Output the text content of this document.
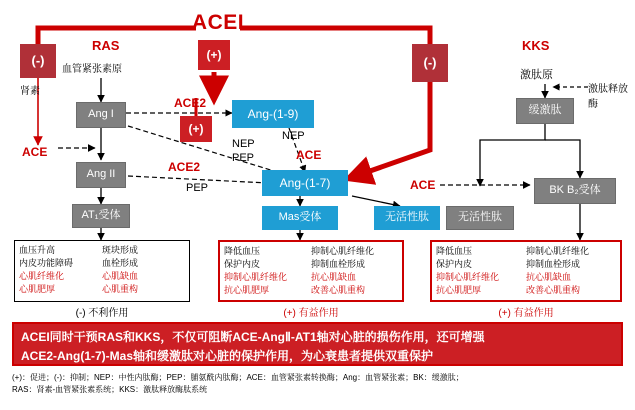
ACEI
RAS	KKS
(-)	(-)
(+)
(+)
血管紧张素原
肾素
ACE
Ang I
Ang II
AT₁受体
ACE2
ACE2
PEP
NEP
NEP
PEP	ACE
Ang-(1-9)
Ang-(1-7)
Mas受体	无活性肽
ACE
激肽原
激肽释放酶
缓激肽
BK B₂受体
无活性肽
血压升高	斑块形成
内皮功能障碍	血栓形成
心肌纤维化	心肌缺血
心肌肥厚	心肌重构
(-) 不利作用
降低血压	抑制心肌纤维化
保护内皮	抑制血栓形成
抑制心肌纤维化	抗心肌缺血
抗心肌肥厚	改善心肌重构
(+) 有益作用
降低血压	抑制心肌纤维化
保护内皮	抑制血栓形成
抑制心肌纤维化	抗心肌缺血
抗心肌肥厚	改善心肌重构
(+) 有益作用
ACEI同时干预RAS和KKS，不仅可阻断ACE-AngⅡ-AT1轴对心脏的损伤作用，还可增强
ACE2-Ang(1-7)-Mas轴和缓激肽对心脏的保护作用，为心衰患者提供双重保护
(+)：促进；(-)：抑制；NEP：中性内肽酶；PEP：脯氨酰内肽酶；ACE：血管紧张素转换酶；Ang：血管紧张素；BK：缓激肽；
RAS：肾素-血管紧张素系统；KKS：激肽释放酶肽系统
